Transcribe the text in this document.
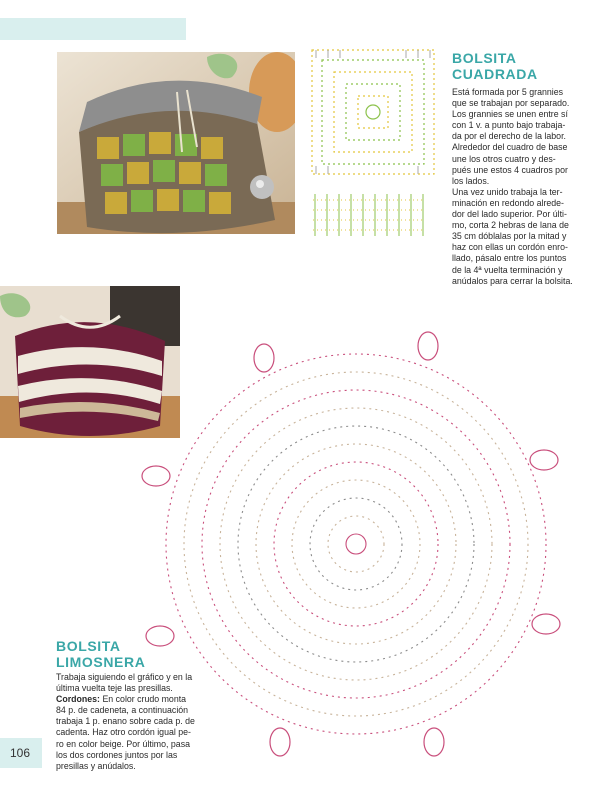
BOLSITA
CUADRADA
Está formada por 5 grannies
que se trabajan por separado.
Los grannies se unen entre sí
con 1 v. a punto bajo trabaja-
da por el derecho de la labor.
Alrededor del cuadro de base
une los otros cuatro y des-
pués une estos 4 cuadros por
los lados.
Una vez unido trabaja la ter-
minación en redondo alrede-
dor del lado superior. Por últi-
mo, corta 2 hebras de lana de
35 cm dóblalas por la mitad y
haz con ellas un cordón enro-
llado, pásalo entre los puntos
de la 4ª vuelta terminación y
anúdalos para cerrar la bolsita.
BOLSITA
LIMOSNERA
Trabaja siguiendo el gráfico y en la
última vuelta teje las presillas.
Cordones: En color crudo monta
84 p. de cadeneta, a continuación
trabaja 1 p. enano sobre cada p. de
cadenta. Haz otro cordón igual pe-
ro en color beige. Por último, pasa
los dos cordones juntos por las
presillas y anúdalos.
106
